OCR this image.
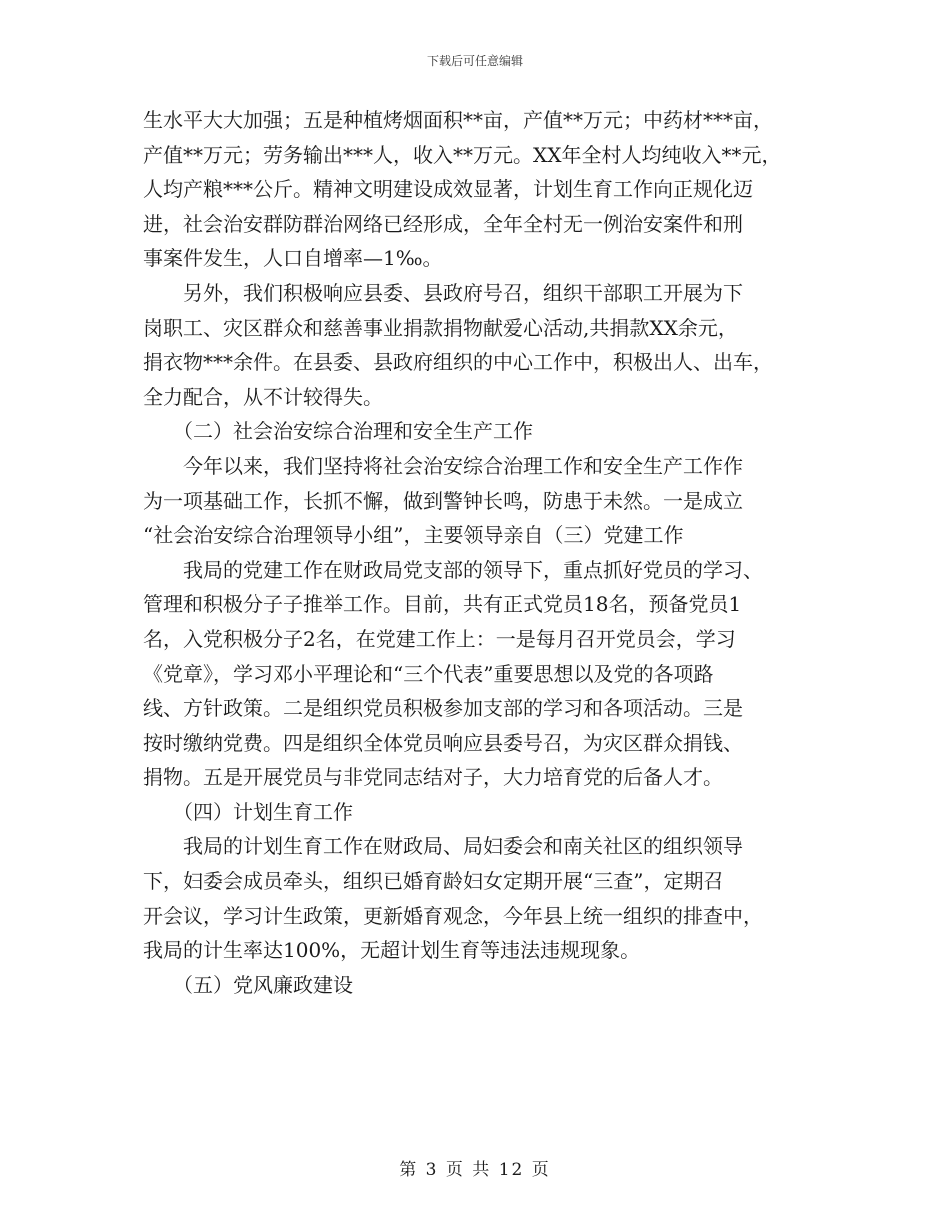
下载后可任意编辑
生水平大大加强；五是种植烤烟面积**亩，产值**万元；中药材***亩，
产值**万元；劳务输出***人，收入**万元。XX年全村人均纯收入**元，
人均产粮***公斤。精神文明建设成效显著，计划生育工作向正规化迈
进，社会治安群防群治网络已经形成，全年全村无一例治安案件和刑
事案件发生，人口自增率—1‰。
　　另外，我们积极响应县委、县政府号召，组织干部职工开展为下
岗职工、灾区群众和慈善事业捐款捐物献爱心活动,共捐款XX余元，
捐衣物***余件。在县委、县政府组织的中心工作中，积极出人、出车，
全力配合，从不计较得失。
　　（二）社会治安综合治理和安全生产工作
　　今年以来，我们坚持将社会治安综合治理工作和安全生产工作作
为一项基础工作，长抓不懈，做到警钟长鸣，防患于未然。一是成立
“社会治安综合治理领导小组”，主要领导亲自（三）党建工作
　　我局的党建工作在财政局党支部的领导下，重点抓好党员的学习、
管理和积极分子子推举工作。目前，共有正式党员18名，预备党员1
名，入党积极分子2名，在党建工作上：一是每月召开党员会，学习
《党章》，学习邓小平理论和“三个代表”重要思想以及党的各项路
线、方针政策。二是组织党员积极参加支部的学习和各项活动。三是
按时缴纳党费。四是组织全体党员响应县委号召，为灾区群众捐钱、
捐物。五是开展党员与非党同志结对子，大力培育党的后备人才。
　　（四）计划生育工作
　　我局的计划生育工作在财政局、局妇委会和南关社区的组织领导
下，妇委会成员牵头，组织已婚育龄妇女定期开展“三查”，定期召
开会议，学习计生政策，更新婚育观念，今年县上统一组织的排查中，
我局的计生率达100%，无超计划生育等违法违规现象。
　　（五）党风廉政建设
第 3 页 共 12 页
